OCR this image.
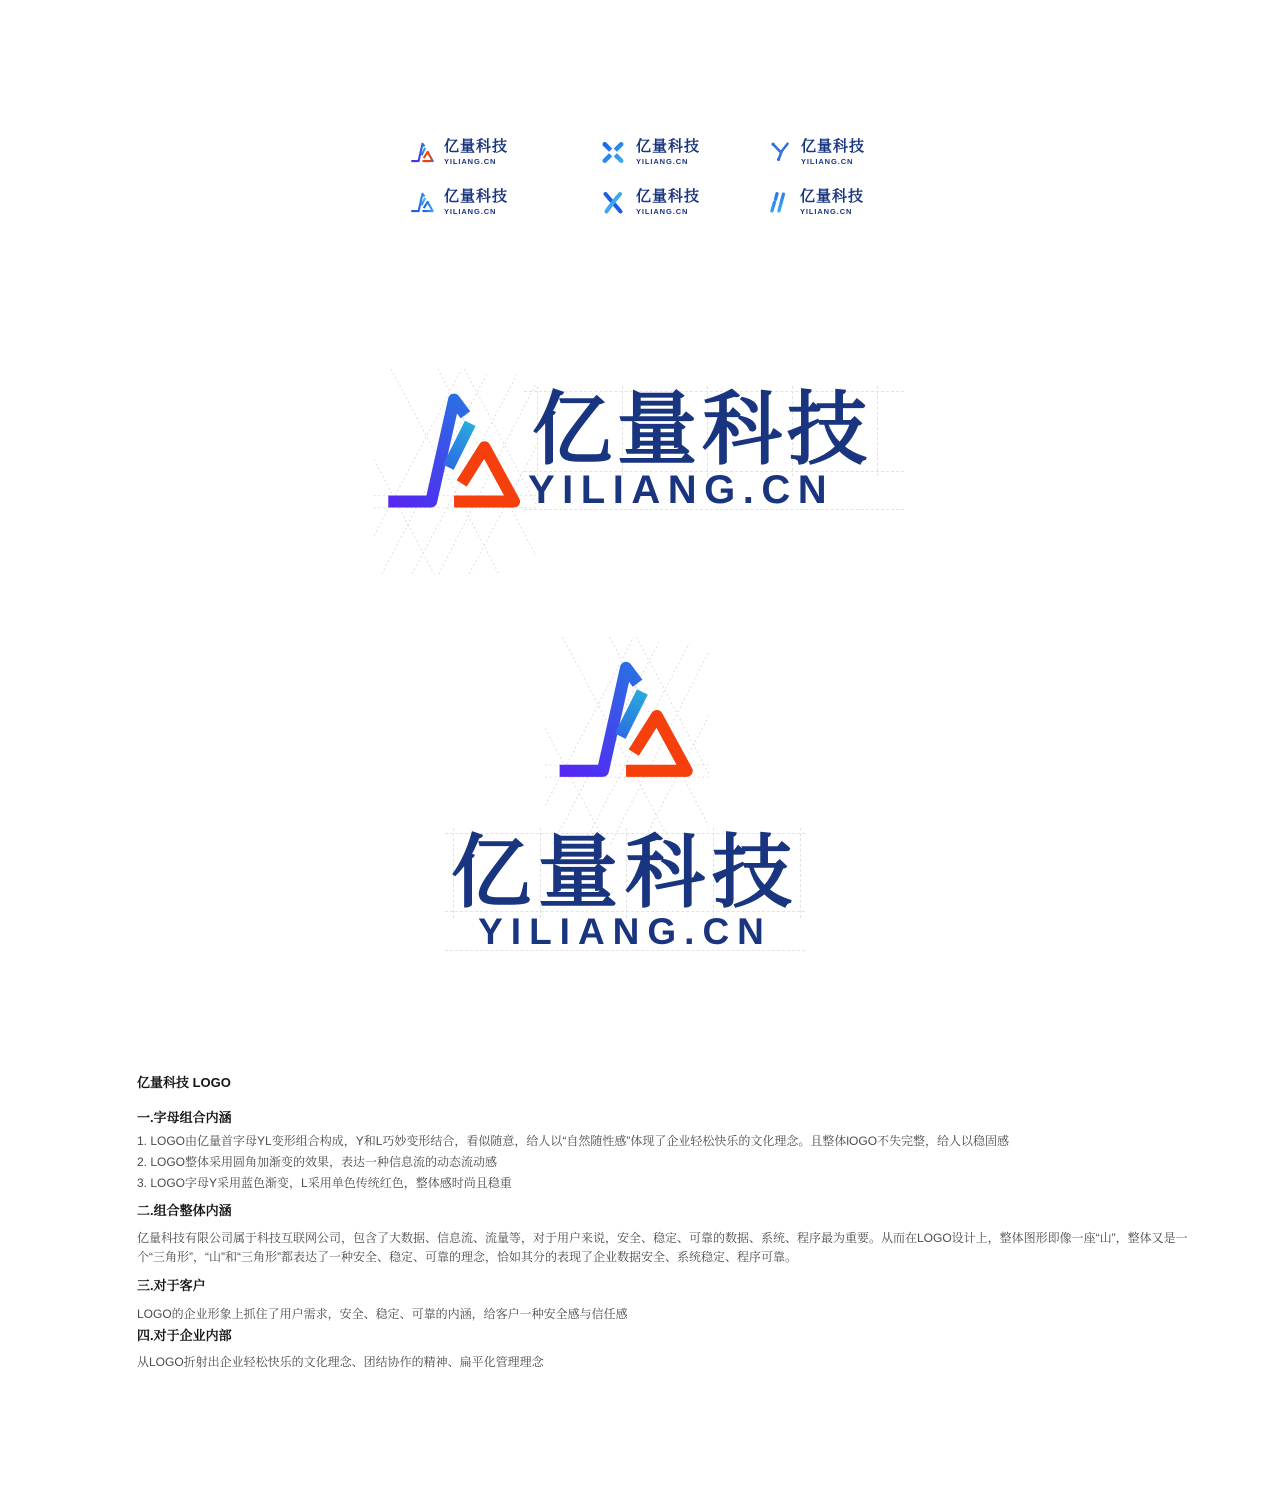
亿量科技
YILIANG.CN
亿量科技
YILIANG.CN
亿量科技
YILIANG.CN
亿量科技
YILIANG.CN
亿量科技
YILIANG.CN
亿量科技
YILIANG.CN
亿量科技
YILIANG.CN
亿量科技
YILIANG.CN
亿量科技 LOGO
一.字母组合内涵
1. LOGO由亿量首字母YL变形组合构成，Y和L巧妙变形结合，看似随意，给人以“自然随性感”体现了企业轻松快乐的文化理念。且整体lOGO不失完整，给人以稳固感
2. LOGO整体采用圆角加渐变的效果，表达一种信息流的动态流动感
3. LOGO字母Y采用蓝色渐变，L采用单色传统红色，整体感时尚且稳重
二.组合整体内涵
亿量科技有限公司属于科技互联网公司，包含了大数据、信息流、流量等，对于用户来说，安全、稳定、可靠的数据、系统、程序最为重要。从而在LOGO设计上，整体图形即像一座“山”，整体又是一个“三角形”，“山”和“三角形”都表达了一种安全、稳定、可靠的理念，恰如其分的表现了企业数据安全、系统稳定、程序可靠。
三.对于客户
LOGO的企业形象上抓住了用户需求，安全、稳定、可靠的内涵，给客户一种安全感与信任感
四.对于企业内部
从LOGO折射出企业轻松快乐的文化理念、团结协作的精神、扁平化管理理念
